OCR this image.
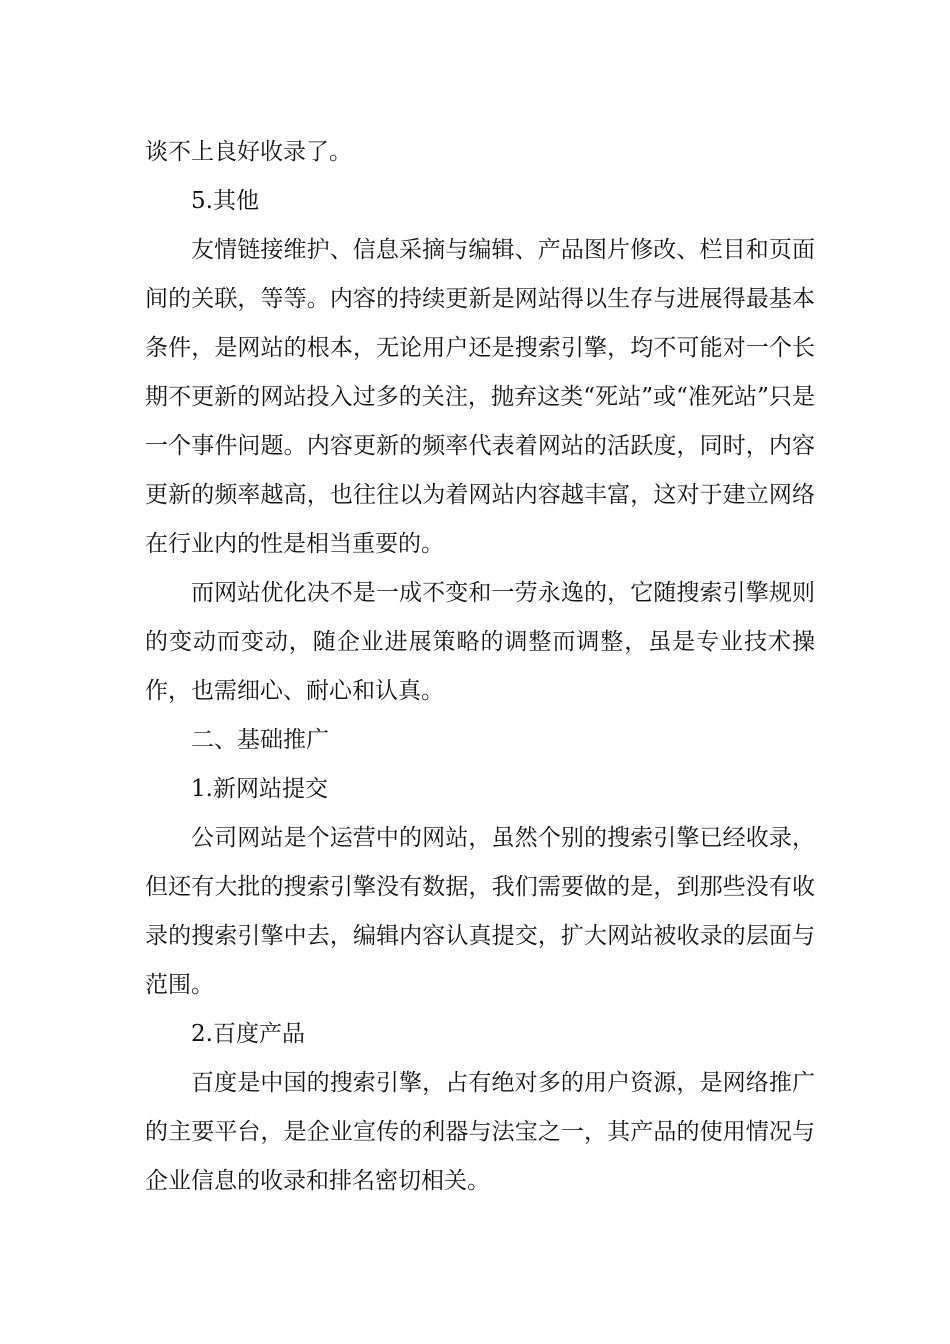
谈不上良好收录了。

5.其他

友情链接维护、信息采摘与编辑、产品图片修改、栏目和页面间的关联，等等。内容的持续更新是网站得以生存与进展得最基本条件，是网站的根本，无论用户还是搜索引擎，均不可能对一个长期不更新的网站投入过多的关注，抛弃这类“死站”或“准死站”只是一个事件问题。内容更新的频率代表着网站的活跃度，同时，内容更新的频率越高，也往往以为着网站内容越丰富，这对于建立网络在行业内的性是相当重要的。

而网站优化决不是一成不变和一劳永逸的，它随搜索引擎规则的变动而变动，随企业进展策略的调整而调整，虽是专业技术操作，也需细心、耐心和认真。

二、基础推广

1.新网站提交

公司网站是个运营中的网站，虽然个别的搜索引擎已经收录，但还有大批的搜索引擎没有数据，我们需要做的是，到那些没有收录的搜索引擎中去，编辑内容认真提交，扩大网站被收录的层面与范围。

2.百度产品

百度是中国的搜索引擎，占有绝对多的用户资源，是网络推广的主要平台，是企业宣传的利器与法宝之一，其产品的使用情况与企业信息的收录和排名密切相关。
